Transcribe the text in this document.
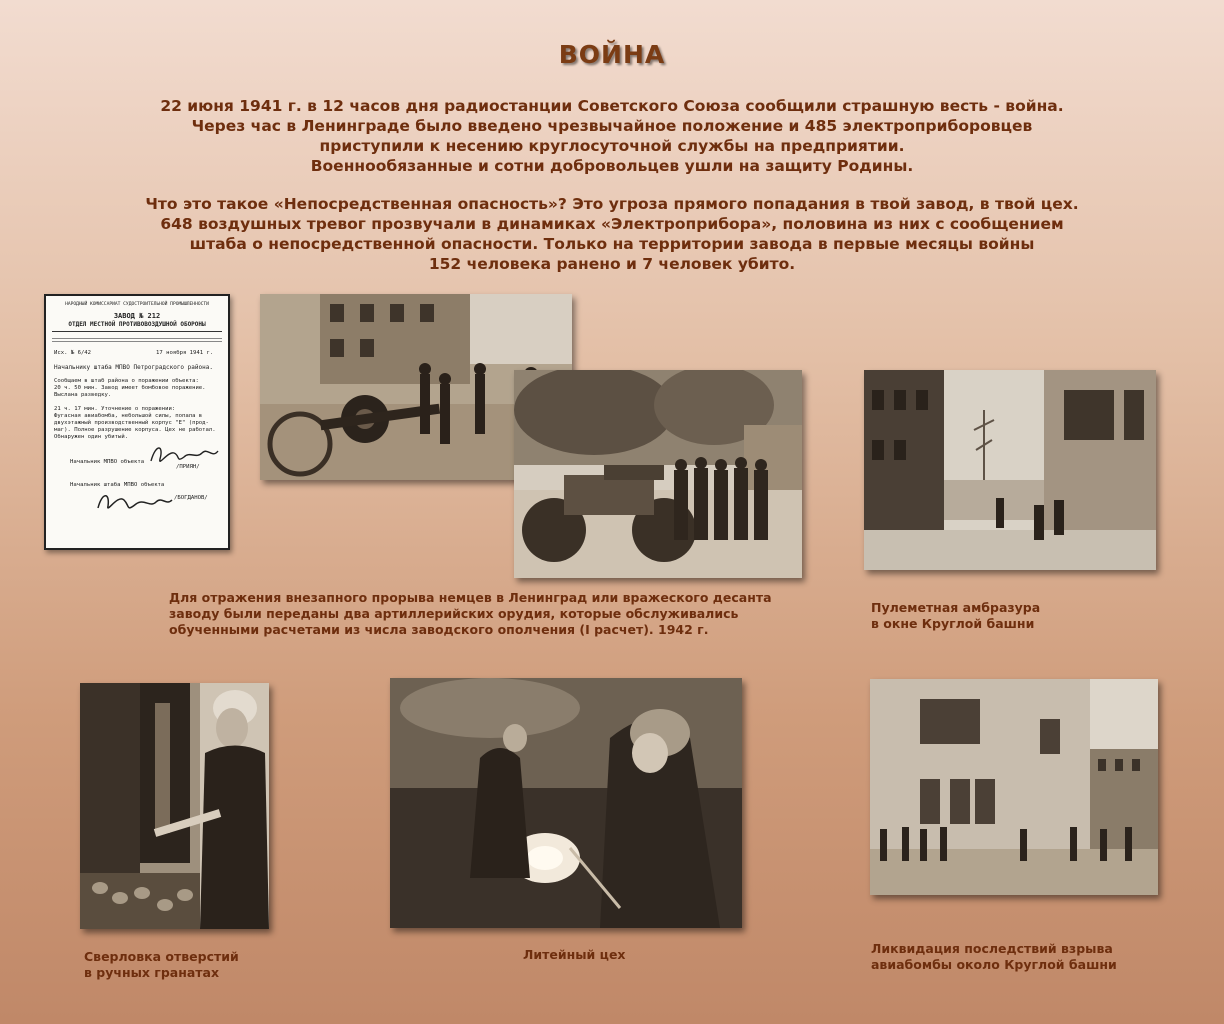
ВОЙНА
22 июня 1941 г. в 12 часов дня радиостанции Советского Союза сообщили страшную весть - война.
Через час в Ленинграде было введено чрезвычайное положение и 485 электроприборовцев
приступили к несению круглосуточной службы на предприятии.
Военнообязанные и сотни добровольцев ушли на защиту Родины.
Что это такое «Непосредственная опасность»? Это угроза прямого попадания в твой завод, в твой цех.
648 воздушных тревог прозвучали в динамиках «Электроприбора», половина из них с сообщением
штаба о непосредственной опасности. Только на территории завода в первые месяцы войны
152 человека ранено и 7 человек убито.
НАРОДНЫЙ КОМИССАРИАТ СУДОСТРОИТЕЛЬНОЙ ПРОМЫШЛЕННОСТИ
ЗАВОД № 212
ОТДЕЛ МЕСТНОЙ ПРОТИВОВОЗДУШНОЙ ОБОРОНЫ
Исх. № 6/42	17 ноября 1941 г.
Начальнику штаба МПВО Петроградского района.
Сообщаем в штаб района о поражении объекта:
20 ч. 50 мин. Завод имеет бомбовое поражение.
Выслана разведку.
21 ч. 17 мин. Уточнение о поражении:
Фугасная авиабомба, небольшой силы, попала в
двухэтажный производственный корпус "Е" (прод-
маг). Полное разрушение корпуса. Цех не работал.
Обнаружен один убитый.
Начальник МПВО объекта
/ПРИЯН/
Начальник штаба МПВО объекта
/БОГДАНОВ/
Для отражения внезапного прорыва немцев в Ленинград или вражеского десанта
заводу были переданы два артиллерийских орудия, которые обслуживались
обученными расчетами из числа заводского ополчения (I расчет). 1942 г.
Пулеметная амбразура
в окне Круглой башни
Сверловка отверстий
в ручных гранатах
Литейный цех	Ликвидация последствий взрыва
авиабомбы около Круглой башни
